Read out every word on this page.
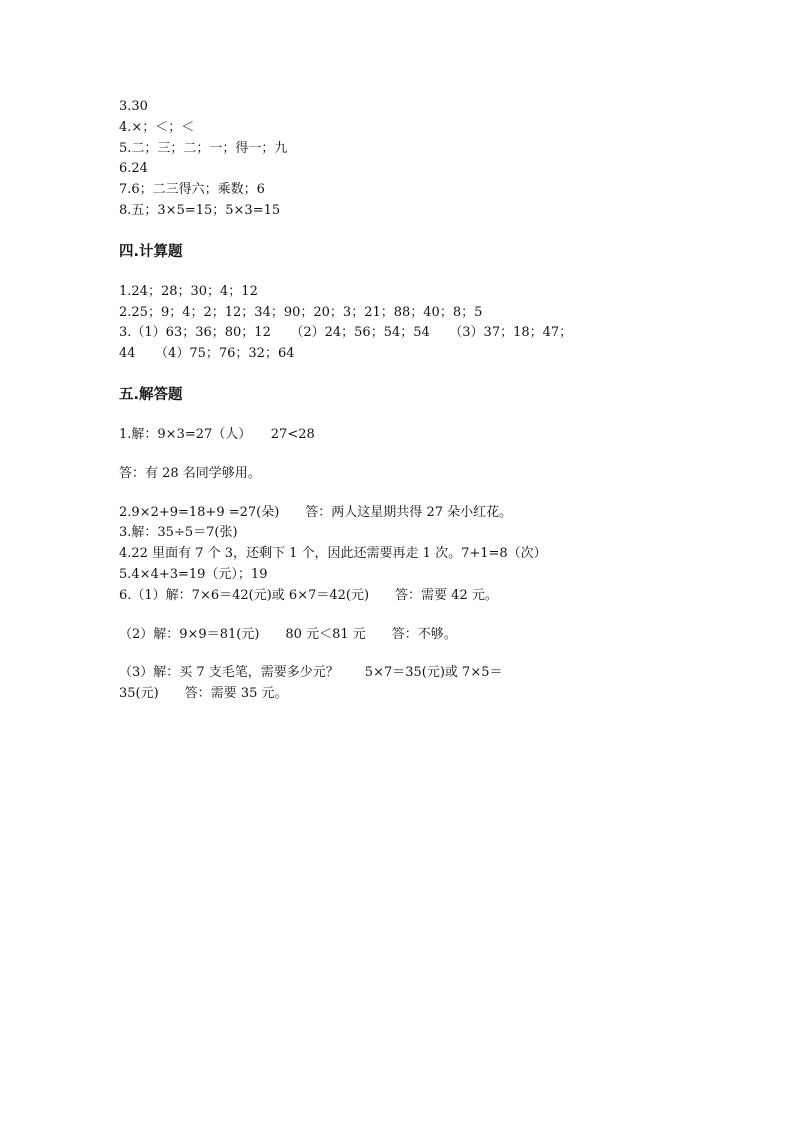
3.30
4.×；＜；＜
5.二；三；二；一；得一；九
6.24
7.6；二三得六；乘数；6
8.五；3×5=15；5×3=15
四.计算题
1.24；28；30；4；12
2.25；9；4；2；12；34；90；20；3；21；88；40；8；5
3.（1）63；36；80；12　　（2）24；56；54；54　　（3）37；18；47；
44　　（4）75；76；32；64
五.解答题
1.解：9×3=27（人）　　27<28
答：有 28 名同学够用。
2.9×2+9=18+9 =27(朵)　　答：两人这星期共得 27 朵小红花。
3.解：35÷5＝7(张)
4.22 里面有 7 个 3，还剩下 1 个，因此还需要再走 1 次。7+1=8（次）
5.4×4+3=19（元）；19
6.（1）解：7×6＝42(元)或 6×7＝42(元)　　答：需要 42 元。
（2）解：9×9＝81(元)　　80 元＜81 元　　答：不够。
（3）解：买 7 支毛笔，需要多少元？　　5×7＝35(元)或 7×5＝
35(元)　　答：需要 35 元。
